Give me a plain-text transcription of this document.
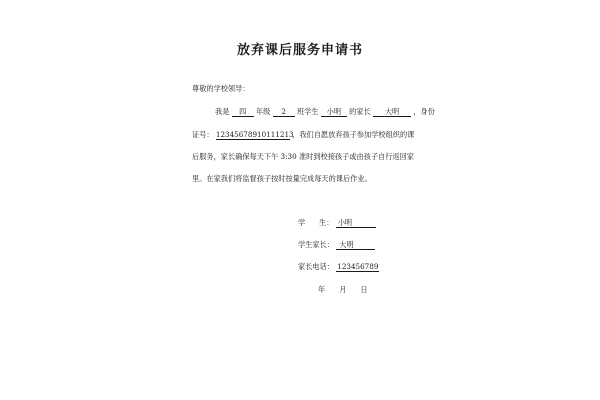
放弃课后服务申请书
尊敬的学校领导：
我是 四 年级 2 班学生 小明 的家长 大明 ，身份
证号： 12345678910111213 ，我们自愿放弃孩子参加学校组织的课
后服务，家长确保每天下午 3:30 准时到校接孩子或由孩子自行返回家
里。在家我们将监督孩子按时按量完成每天的课后作业。
学 生： 小明
学生家长： 大明
家长电话： 123456789
年 月 日
